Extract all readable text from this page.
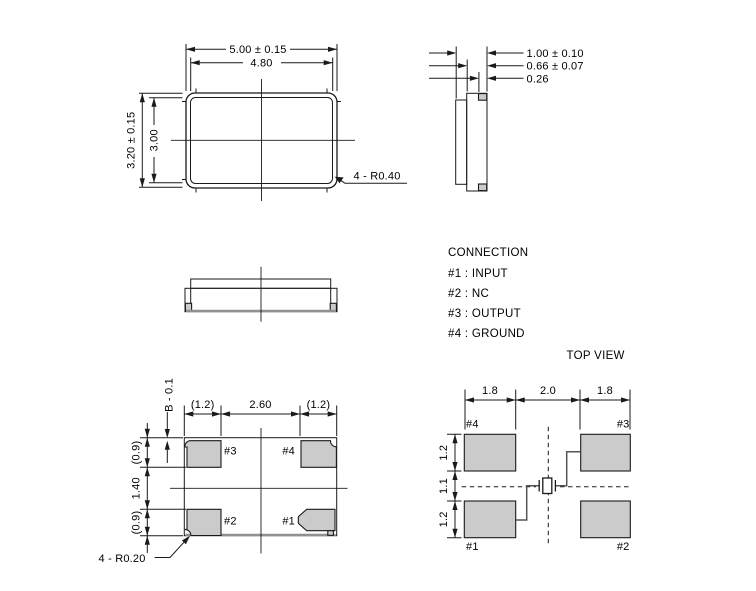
5.00 ± 0.15
4.80
3.20 ± 0.15 3.00
4 - R0.40
1.00 ± 0.10
0.66 ± 0.07
0.26
CONNECTION
#1 : INPUT
#2 : NC
#3 : OUTPUT
#4 : GROUND
#3	#4
#2	#1
(1.2)	2.60	(1.2)
(0.9)
1.40
(0.9)
B - 0.1
4 - R0.20
TOP VIEW
#4	#3
#1	#2
1.8	2.0	1.8
1.2
1.1
1.2
